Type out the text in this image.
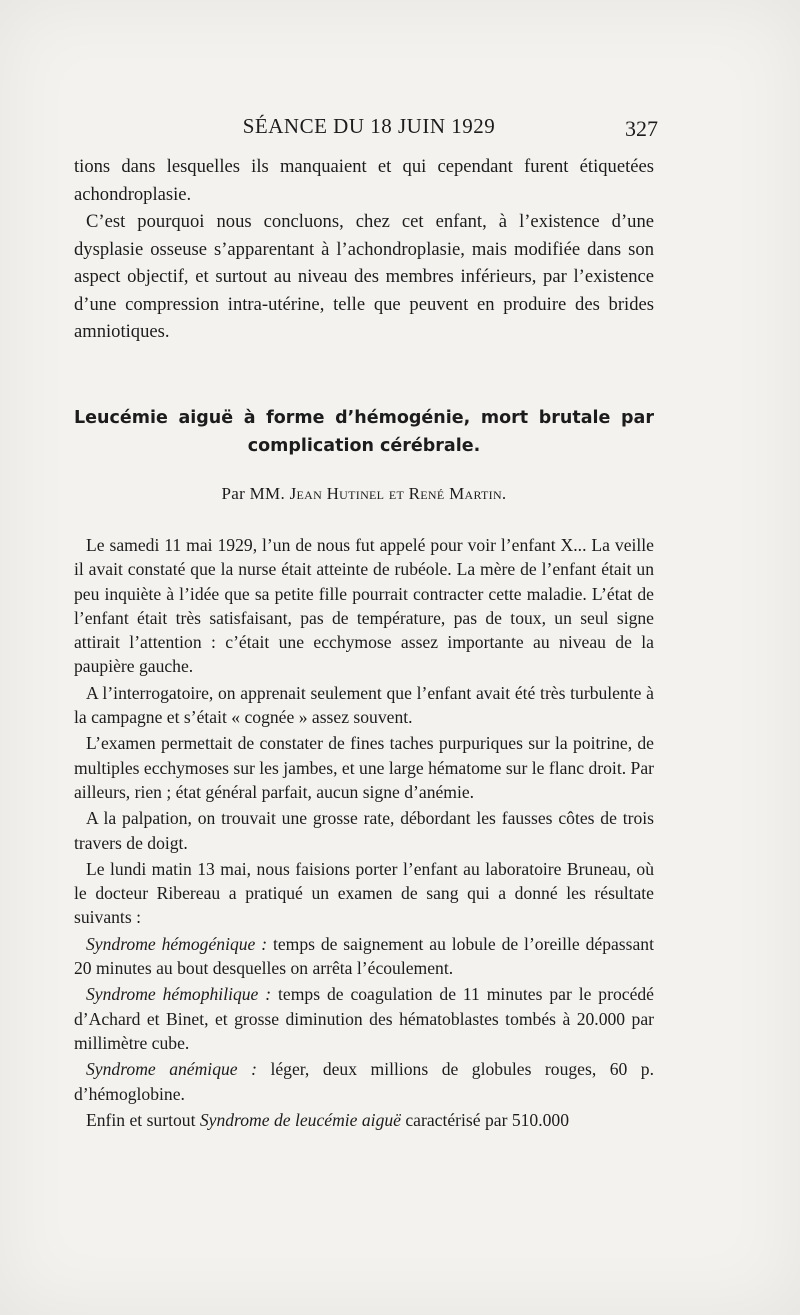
SÉANCE DU 18 JUIN 1929	327

tions dans lesquelles ils manquaient et qui cependant furent étiquetées achondroplasie.

C’est pourquoi nous concluons, chez cet enfant, à l’existence d’une dysplasie osseuse s’apparentant à l’achondroplasie, mais modifiée dans son aspect objectif, et surtout au niveau des membres inférieurs, par l’existence d’une compression intra-utérine, telle que peuvent en produire des brides amniotiques.

Leucémie aiguë à forme d’hémogénie, mort brutale par
complication cérébrale.
Par MM. Jean Hutinel et René Martin.

Le samedi 11 mai 1929, l’un de nous fut appelé pour voir l’enfant X... La veille il avait constaté que la nurse était atteinte de rubéole. La mère de l’enfant était un peu inquiète à l’idée que sa petite fille pourrait contracter cette maladie. L’état de l’enfant était très satisfaisant, pas de température, pas de toux, un seul signe attirait l’attention : c’était une ecchymose assez importante au niveau de la paupière gauche.

A l’interrogatoire, on apprenait seulement que l’enfant avait été très turbulente à la campagne et s’était « cognée » assez souvent.

L’examen permettait de constater de fines taches purpuriques sur la poitrine, de multiples ecchymoses sur les jambes, et une large hématome sur le flanc droit. Par ailleurs, rien ; état général parfait, aucun signe d’anémie.

A la palpation, on trouvait une grosse rate, débordant les fausses côtes de trois travers de doigt.

Le lundi matin 13 mai, nous faisions porter l’enfant au laboratoire Bruneau, où le docteur Ribereau a pratiqué un examen de sang qui a donné les résultate suivants :

Syndrome hémogénique : temps de saignement au lobule de l’oreille dépassant 20 minutes au bout desquelles on arrêta l’écoulement.

Syndrome hémophilique : temps de coagulation de 11 minutes par le procédé d’Achard et Binet, et grosse diminution des hématoblastes tombés à 20.000 par millimètre cube.

Syndrome anémique : léger, deux millions de globules rouges, 60 p. d’hémoglobine.

Enfin et surtout Syndrome de leucémie aiguë caractérisé par 510.000
